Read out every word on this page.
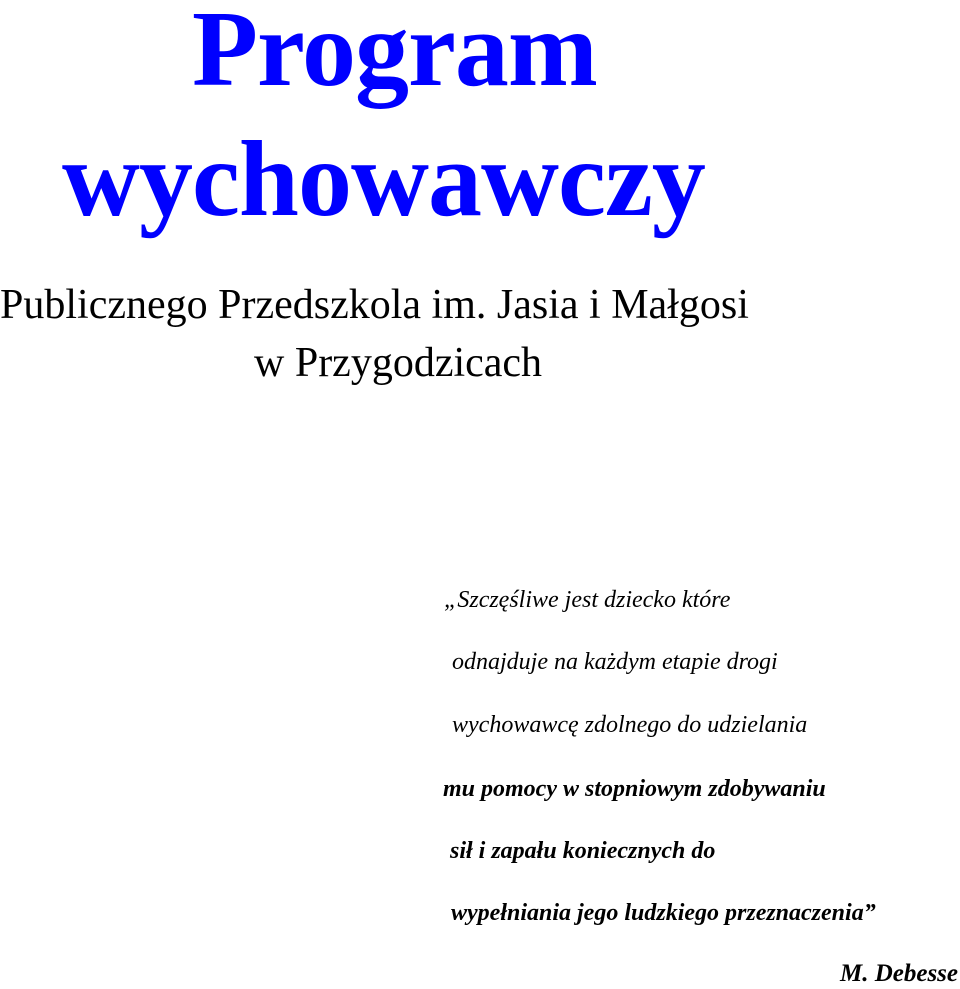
Program
wychowawczy
Publicznego Przedszkola im. Jasia i Małgosi
w Przygodzicach
„Szczęśliwe jest dziecko które
odnajduje na każdym etapie drogi
wychowawcę zdolnego do udzielania
mu pomocy w stopniowym zdobywaniu
sił i zapału koniecznych do
wypełniania jego ludzkiego przeznaczenia”
M. Debesse
